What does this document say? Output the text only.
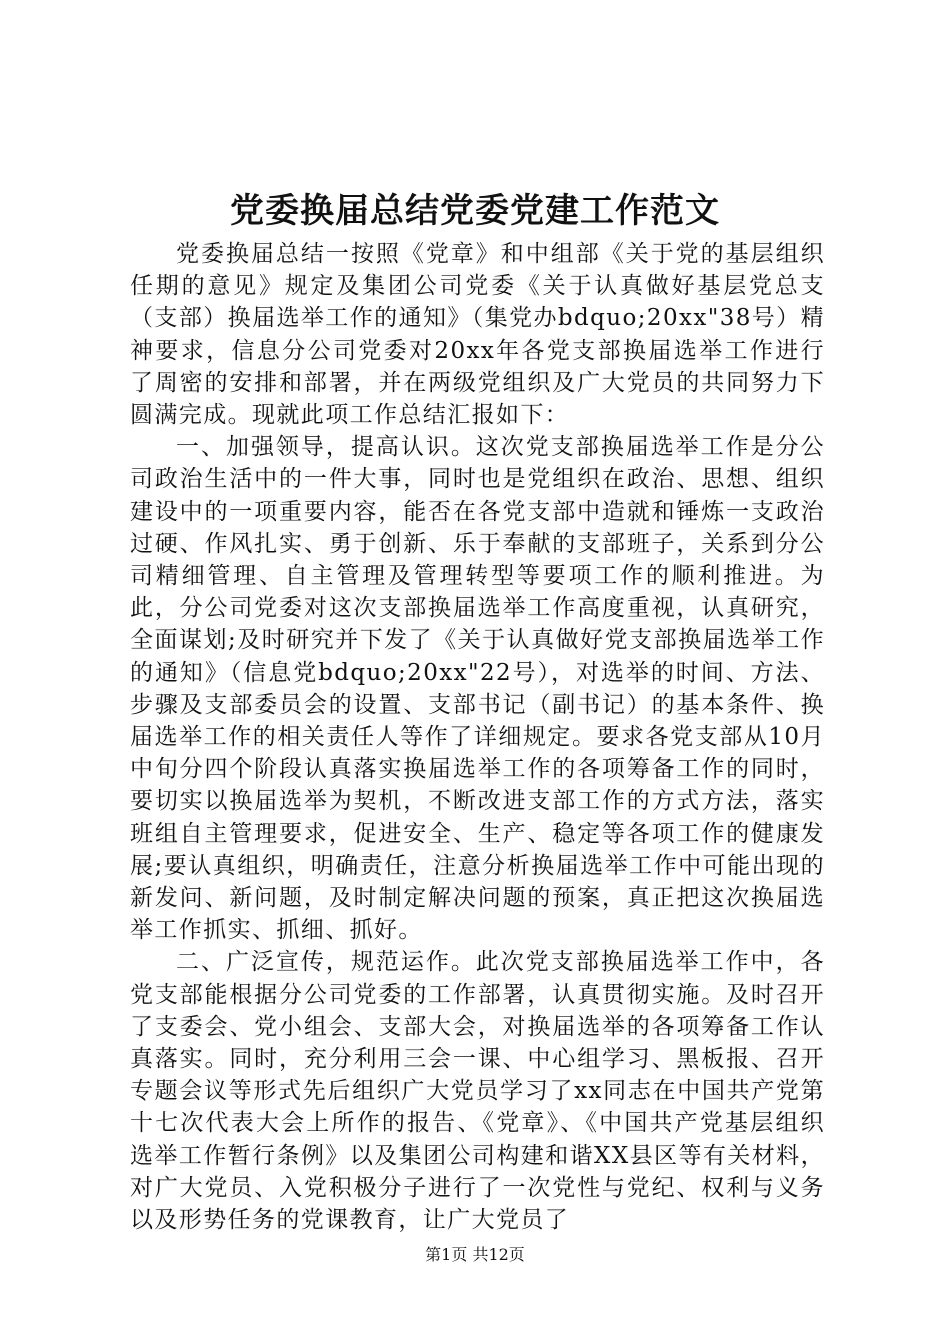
党委换届总结党委党建工作范文

党委换届总结一按照《党章》和中组部《关于党的基层组织任期的意见》规定及集团公司党委《关于认真做好基层党总支（支部）换届选举工作的通知》（集党办bdquo;20xx"38号）精神要求，信息分公司党委对20xx年各党支部换届选举工作进行了周密的安排和部署，并在两级党组织及广大党员的共同努力下圆满完成。现就此项工作总结汇报如下：

一、加强领导，提高认识。这次党支部换届选举工作是分公司政治生活中的一件大事，同时也是党组织在政治、思想、组织建设中的一项重要内容，能否在各党支部中造就和锤炼一支政治过硬、作风扎实、勇于创新、乐于奉献的支部班子，关系到分公司精细管理、自主管理及管理转型等要项工作的顺利推进。为此，分公司党委对这次支部换届选举工作高度重视，认真研究，全面谋划;及时研究并下发了《关于认真做好党支部换届选举工作的通知》（信息党bdquo;20xx"22号），对选举的时间、方法、步骤及支部委员会的设置、支部书记（副书记）的基本条件、换届选举工作的相关责任人等作了详细规定。要求各党支部从10月中旬分四个阶段认真落实换届选举工作的各项筹备工作的同时，要切实以换届选举为契机，不断改进支部工作的方式方法，落实班组自主管理要求，促进安全、生产、稳定等各项工作的健康发展;要认真组织，明确责任，注意分析换届选举工作中可能出现的新发问、新问题，及时制定解决问题的预案，真正把这次换届选举工作抓实、抓细、抓好。

二、广泛宣传，规范运作。此次党支部换届选举工作中，各党支部能根据分公司党委的工作部署，认真贯彻实施。及时召开了支委会、党小组会、支部大会，对换届选举的各项筹备工作认真落实。同时，充分利用三会一课、中心组学习、黑板报、召开专题会议等形式先后组织广大党员学习了xx同志在中国共产党第十七次代表大会上所作的报告、《党章》、《中国共产党基层组织选举工作暂行条例》以及集团公司构建和谐XX县区等有关材料，对广大党员、入党积极分子进行了一次党性与党纪、权利与义务以及形势任务的党课教育，让广大党员了

第1页 共12页
